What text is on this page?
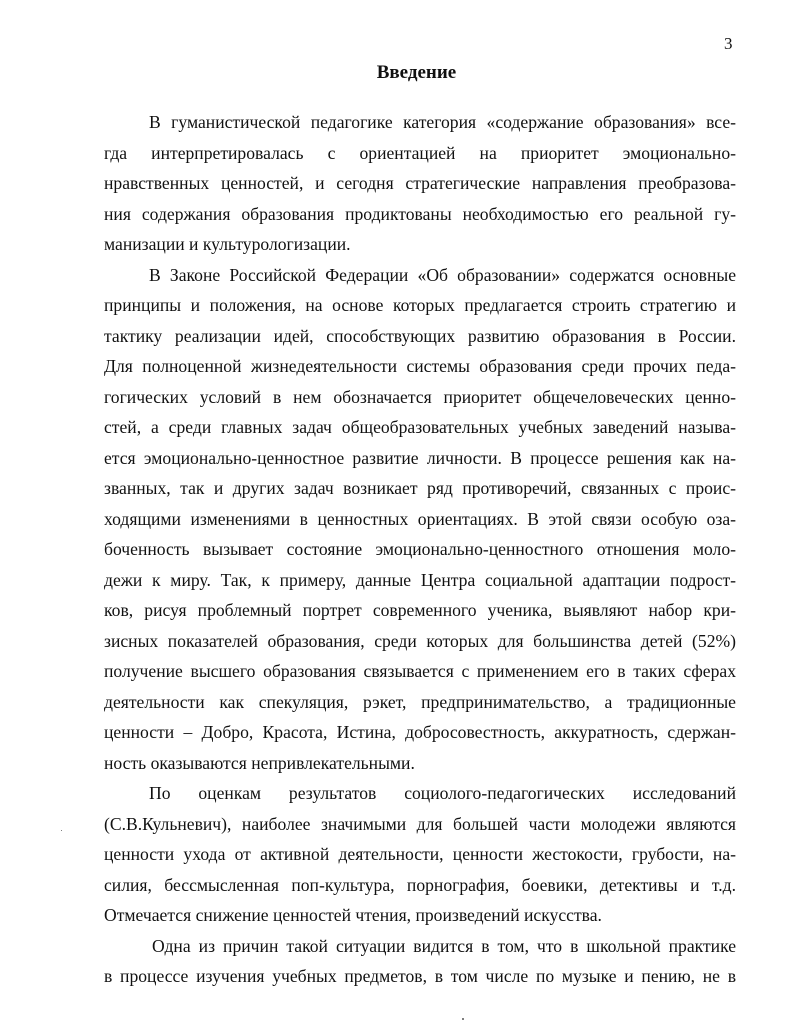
3
Введение

В гуманистической педагогике категория «содержание образования» все-
гда интерпретировалась с ориентацией на приоритет эмоционально-
нравственных ценностей, и сегодня стратегические направления преобразова-
ния содержания образования продиктованы необходимостью его реальной гу-
манизации и культурологизации.

В Законе Российской Федерации «Об образовании» содержатся основные
принципы и положения, на основе которых предлагается строить стратегию и
тактику реализации идей, способствующих развитию образования в России.
Для полноценной жизнедеятельности системы образования среди прочих педа-
гогических условий в нем обозначается приоритет общечеловеческих ценно-
стей, а среди главных задач общеобразовательных учебных заведений называ-
ется эмоционально-ценностное развитие личности. В процессе решения как на-
званных, так и других задач возникает ряд противоречий, связанных с проис-
ходящими изменениями в ценностных ориентациях. В этой связи особую оза-
боченность вызывает состояние эмоционально-ценностного отношения моло-
дежи к миру. Так, к примеру, данные Центра социальной адаптации подрост-
ков, рисуя проблемный портрет современного ученика, выявляют набор кри-
зисных показателей образования, среди которых для большинства детей (52%)
получение высшего образования связывается с применением его в таких сферах
деятельности как спекуляция, рэкет, предпринимательство, а традиционные
ценности – Добро, Красота, Истина, добросовестность, аккуратность, сдержан-
ность оказываются непривлекательными.

По оценкам результатов социолого-педагогических исследований
(С.В.Кульневич), наиболее значимыми для большей части молодежи являются
ценности ухода от активной деятельности, ценности жестокости, грубости, на-
силия, бессмысленная поп-культура, порнография, боевики, детективы и т.д.
Отмечается снижение ценностей чтения, произведений искусства.

Одна из причин такой ситуации видится в том, что в школьной практике
в процессе изучения учебных предметов, в том числе по музыке и пению, не в
